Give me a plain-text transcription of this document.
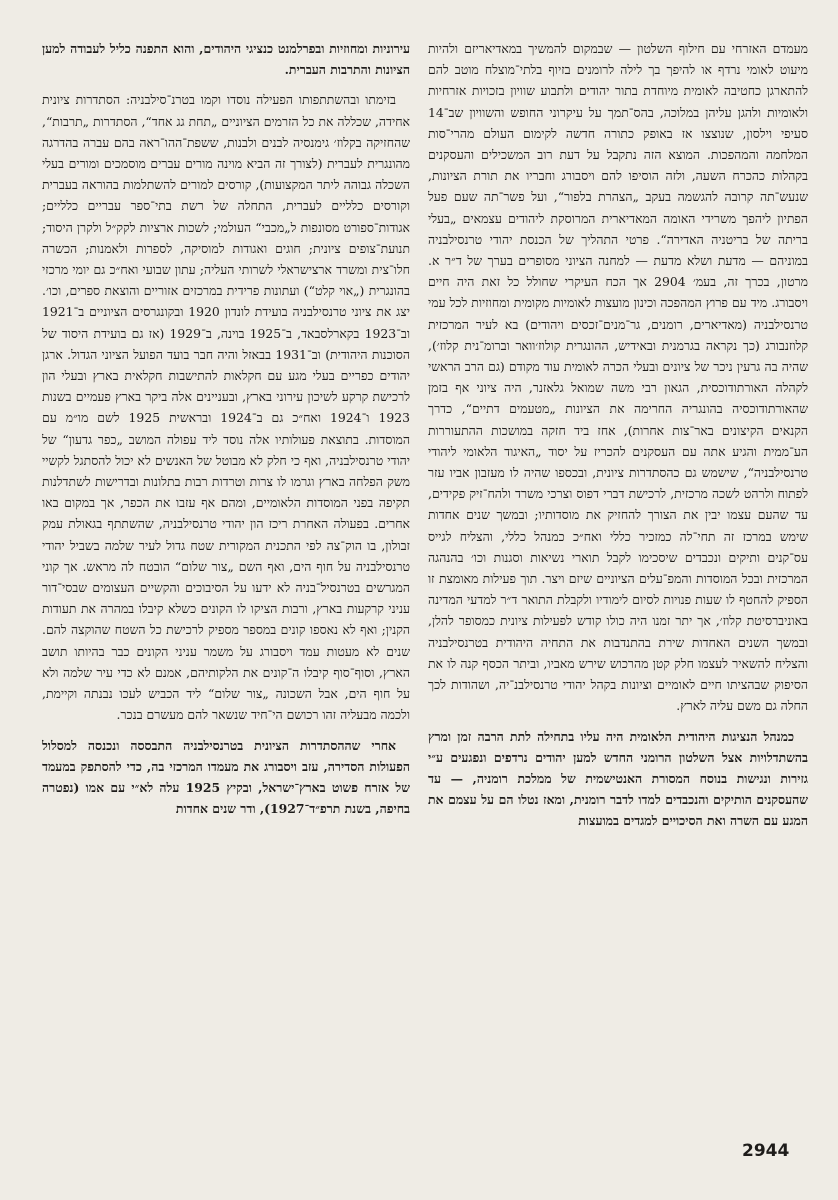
מעמדם האזרחי עם חילוף השלטון — שבמקום להמשיך במאדיאריזם ולהיות מיעוט לאומי נרדף או להיפך בך לילה לרומנים בזיוף בלתי־מוצלח מוטב להם להתארגן כחטיבה לאומית מיוחדת בתור יהודים ולתבוע שוויון בזכויות אזרחיות ולאומיות ולהגן עליהן במלוכה, בהס־תמך על עיקרוני החופש והשוויון שב־14 סעיפי וילסון, שנוצצו אז באופק כתורה חדשה לקימום העולם מהרי־סות המלחמה והמהפכות. המוצא הזה נתקבל על דעת רוב המשכילים והעסקנים בקהלות כהכרח השעה, ולזה הוסיפו להם ויסבורג וחבריו את תורת הציונות, שנעש־תה קרובה להגשמה בעקב „הצהרת בלפור“, ועל פשר־תה שעם פעל הפתיון ליהפך משרידי האומה המאדיארית המרוסקת ליהודים עצמאים „בעלי בריתה של בריטניה האדירה“. פרטי התהליך של הכנסת יהודי טרנסילבניה במוניהם — מדעת ושלא מדעת — למחנה הציוני מסופרים בערך של ד״ר א. מרטון, בכרך זה, בעמ׳ 2904 אך הכח העיקרי שחולל כל זאת היה חיים ויסבורג. מיד עם פרוץ המהפכה וכינון מועצות לאומיות מקומית ומחוזיות לכל עמי טרנסילבניה (מאדיארים, רומנים, גר־מנים־זכסים ויהודים) בא לעיר המרכזית קלוזנבורג (כך נקראה בגרמנית ובאידיש, ההונגרית קולוז׳וואר וברומ־נית קלוז׳), שהיה בה גרעין ניכר של ציונים ובעלי הכרה לאומית עוד מקודם (גם הרב הראשי לקהלה האורתודוכסית, הגאון רבי משה שמואל גלאזנר, היה ציוני אף בזמן שהאורתודוכסיה בהונגריה החרימה את הציונות „מטעמים דתיים“, כדרך הקנאים הקיצונים באר־צות אחרות), אחז ביד חזקה במושכות ההתעוררות הע־ממית והגיע אתה עם העסקנים להכריז על יסוד „האיגוד הלאומי ליהודי טרנסילבניה“, שישמש גם כהסתדרות ציונית, ובכספו שהיה לו מעזבון אביו עזר לפתוח ולרהט לשכה מרכזית, לרכישת דברי דפוס וצרכי משרד ולהח־זיק פקידים, עד שהעם עצמו יבין את הצורך להחזיק את מוסדותיו; ובמשך שנים אחדות שימש במרכז זה תחי־לה כמזכיר כללי ואח״כ כמנהל כללי, והצליח לגייס עס־קנים ותיקים ונכבדים שיסכימו לקבל תוארי נשיאות וסגנות וכו׳ בהנהגה המרכזית ובכל המוסדות והמפ־עלים הציוניים שיזם ויצר. תוך פעילות מאומצת זו הספיק להחטף לו שעות פנויות לסיום לימודיו ולקבלת התואר ד״ר למדעי המדינה באוניברסיטת קלוז׳, אך יתר זמנו היה כולו קודש לפעילות ציונית כמסופר להלן, ובמשך השנים האחדות שירת בהתנדבות את התחיה היהודית בטרנסילבניה והצליח להשאיר לעצמו חלק קטן מהרכוש שירש מאביו, וביתר הכסף קנה לו את הסיפוק שבהציתו חיים לאומיים וציונות בקהל יהודי טרנסילבנ־יה, ושהודות לכך החלה גם משם עליה לארץ.

כמנהל הנציגות היהודית הלאומית היה עליו בתחילה לתת הרבה זמן ומרץ בהשתדלויות אצל השלטון הרומני החדש למען יהודים נרדפים ונפגעים ע״י גזירות ונגישות בנוסח המסורת האנטישמית של ממלכת רומניה, — עד שהעסקנים הותיקים והנכבדים למדו לדבר רומנית, ומאז נטלו הם על עצמם את המגע עם השרה ואת הסיכויים למגדים במועצות

עירוניות ומחוזיות ובפרלמנט כנציגי היהודים, והוא התפנה כליל לעבודה למען הציונות והתרבות העברית.

בזימתו ובהשתתפותו הפעילה נוסדו וקמו בטרנ־סילבניה: הסתדרות ציונית אחידה, שכללה את כל הזרמים הציוניים „תחת גג אחד“, הסתדרות „תרבות“, שהחזיקה בקלוז׳ גימנסיה לבנים ולבנות, ששפת־ההו־ראה בהם עברה בהדרגה מהונגרית לעברית (לצורך זה הביא מוינה מורים עברים מוסמכים ומורים בעלי השכלה גבוהה ליתר המקצועות), קורסים למורים להשתלמות בהוראה בעברית וקורסים כלליים לעברית, התחלה של רשת בתי־ספר עבריים כלליים; אגודות־ספורט מסונפות ל„מכבי“ העולמי; לשכות ארציות לקק״ל ולקרן היסוד; תנועת־צופים ציונית; חוגים ואגודות למוסיקה, לספרות ולאמנות; הכשרה חלו־צית ומשרד ארצישראלי לשרותי העליה; עתון שבועי ואח״כ גם יומי מרכזי בהונגרית („אוי קלט“) ועתונות פרידית במרכזים אזוריים והוצאת ספרים, וכו׳. יצג את ציוני טרנסילבניה בועידת לונדון 1920 ובקונגרסים הציוניים ב־1921 וב־1923 בקארלסבאד, ב־1925 בוינה, ב־1929 (אז גם בועידת היסוד של הסוכנות היהודית) וב־1931 בבאזל והיה חבר בועד הפועל הציוני הגדול. ארגן יהודים כפריים בעלי מגע עם חקלאות להתישבות חקלאית בארץ ובעלי הון לרכישת קרקע לשיכון עירוני בארץ, ובעניינים אלה ביקר בארץ פעמיים בשנות 1923 ו־1924 ואח״כ גם ב־1924 ובראשית 1925 לשם מו״מ עם המוסדות. בתוצאת פעולותיו אלה נוסד ליד עפולה המושב „כפר גדעון“ של יהודי טרנסילבניה, ואף כי חלק לא מבוטל של האנשים לא יכול להסתגל לקשיי משק הפלחה בארץ וגרמו לו צרות וטרדות רבות בתלונות ובדרישות לשתדלנות תקיפה בפני המוסדות הלאומיים, ומהם אף עזבו את הכפר, אך במקום באו אחרים. בפעולה האחרת ריכז הון יהודי טרנסילבניה, שהשתתף בגאולת עמק זבולון, בו הוק־צה לפי התכנית המקורית שטח גדול לעיר שלמה בשביל יהודי טרנסילבניה על חוף הים, ואף השם „צור שלום“ הובטח לה מראש. אך קוני המגרשים בטרנסיל־בניה לא ידעו על הסיבוכים והקשיים העצומים שבסי־דור עניני קרקעות בארץ, ורבות הציקו לו הקונים כשלא קיבלו במהרה את תעודות הקנין; ואף לא נאספו קונים במספר מספיק לרכישת כל השטח שהוקצה להם. שנים לא מעטות עמד ויסבורג על משמר עניני הקונים כבר בהיותו תושב הארץ, וסוף־סוף קיבלו ה־קונים את הלקותיהם, אמנם לא כדי עיר שלמה ולא על חוף הים, אבל השכונה „צור שלום“ ליד הכביש לעכו נבנתה וקיימת, ולכמה מבעליה זהו רכושם הי־חיד שנשאר להם מעשרם בנכר.

אחרי שההסתדרות הציונית בטרנסילבניה התבססה ונכנסה למסלול הפעולות הסדירה, עזב ויסבורג את מעמדו המרכזי בה, כדי להסתפק במעמד של אזרח פשוט בארץ־ישראל, ובקיץ 1925 עלה לא״י עם אמו (נפטרה בחיפה, בשנת תרפ״ד־1927), ודר שנים אחדות

2944
